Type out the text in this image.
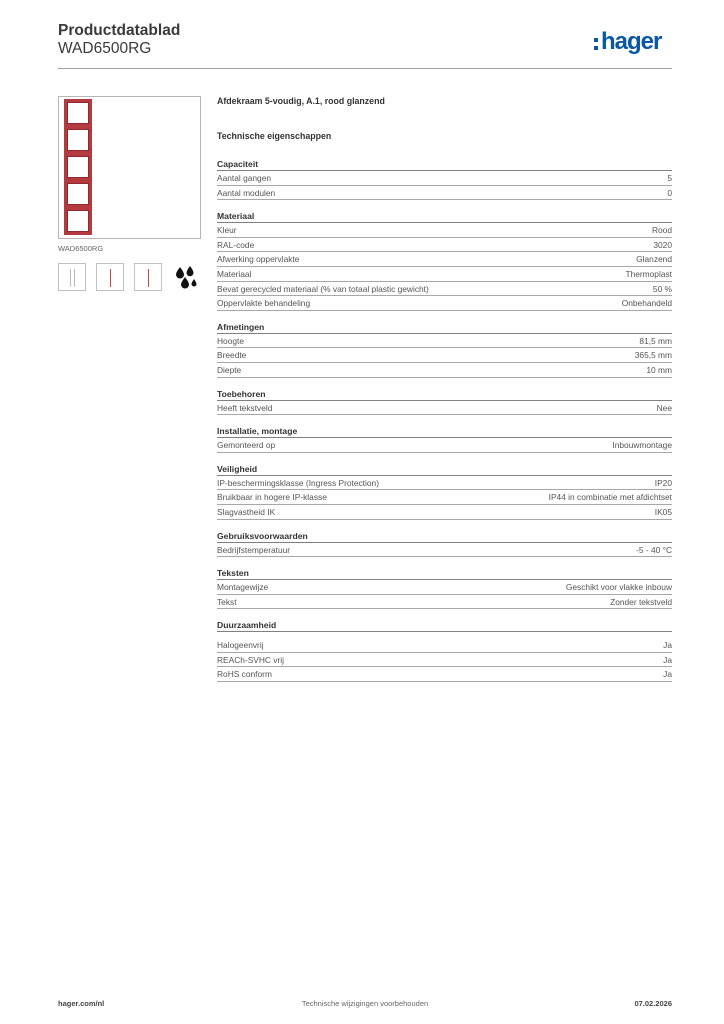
Productdatablad
WAD6500RG	hager
WAD6500RG
Afdekraam 5-voudig, A.1, rood glanzend
Technische eigenschappen
Capaciteit
Aantal gangen	5
Aantal modulen	0
Materiaal
Kleur	Rood
RAL-code	3020
Afwerking oppervlakte	Glanzend
Materiaal	Thermoplast
Bevat gerecycled materiaal (% van totaal plastic gewicht)	50 %
Oppervlakte behandeling	Onbehandeld
Afmetingen
Hoogte	81,5 mm
Breedte	365,5 mm
Diepte	10 mm
Toebehoren
Heeft tekstveld	Nee
Installatie, montage
Gemonteerd op	Inbouwmontage
Veiligheid
IP-beschermingsklasse (Ingress Protection)	IP20
Bruikbaar in hogere IP-klasse	IP44 in combinatie met afdichtset
Slagvastheid IK	IK05
Gebruiksvoorwaarden
Bedrijfstemperatuur	-5 - 40 °C
Teksten
Montagewijze	Geschikt voor vlakke inbouw
Tekst	Zonder tekstveld
Duurzaamheid
Halogeenvrij	Ja
REACh-SVHC vrij	Ja
RoHS conform	Ja
Technische wijzigingen voorbehouden
hager.com/nl	07.02.2026
